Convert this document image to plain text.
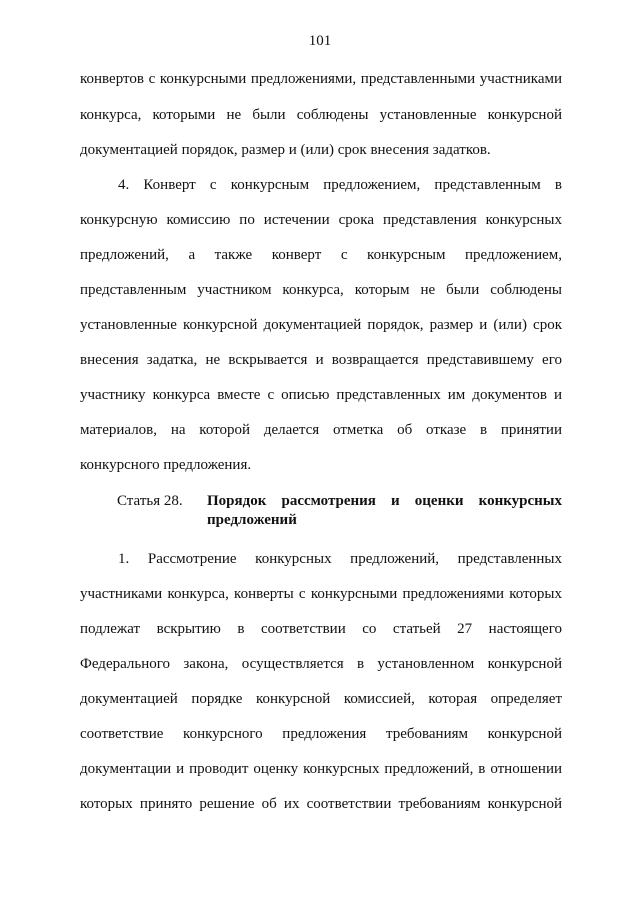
101
конвертов с конкурсными предложениями, представленными участниками
конкурса, которыми не были соблюдены установленные конкурсной
документацией порядок, размер и (или) срок внесения задатков.
4. Конверт с конкурсным предложением, представленным в
конкурсную комиссию по истечении срока представления конкурсных
предложений, а также конверт с конкурсным предложением,
представленным участником конкурса, которым не были соблюдены
установленные конкурсной документацией порядок, размер и (или) срок
внесения задатка, не вскрывается и возвращается представившему его
участнику конкурса вместе с описью представленных им документов и
материалов, на которой делается отметка об отказе в принятии
конкурсного предложения.
Статья 28. Порядок рассмотрения и оценки конкурсных
предложений
1. Рассмотрение конкурсных предложений, представленных
участниками конкурса, конверты с конкурсными предложениями которых
подлежат вскрытию в соответствии со статьей 27 настоящего
Федерального закона, осуществляется в установленном конкурсной
документацией порядке конкурсной комиссией, которая определяет
соответствие конкурсного предложения требованиям конкурсной
документации и проводит оценку конкурсных предложений, в отношении
которых принято решение об их соответствии требованиям конкурсной
